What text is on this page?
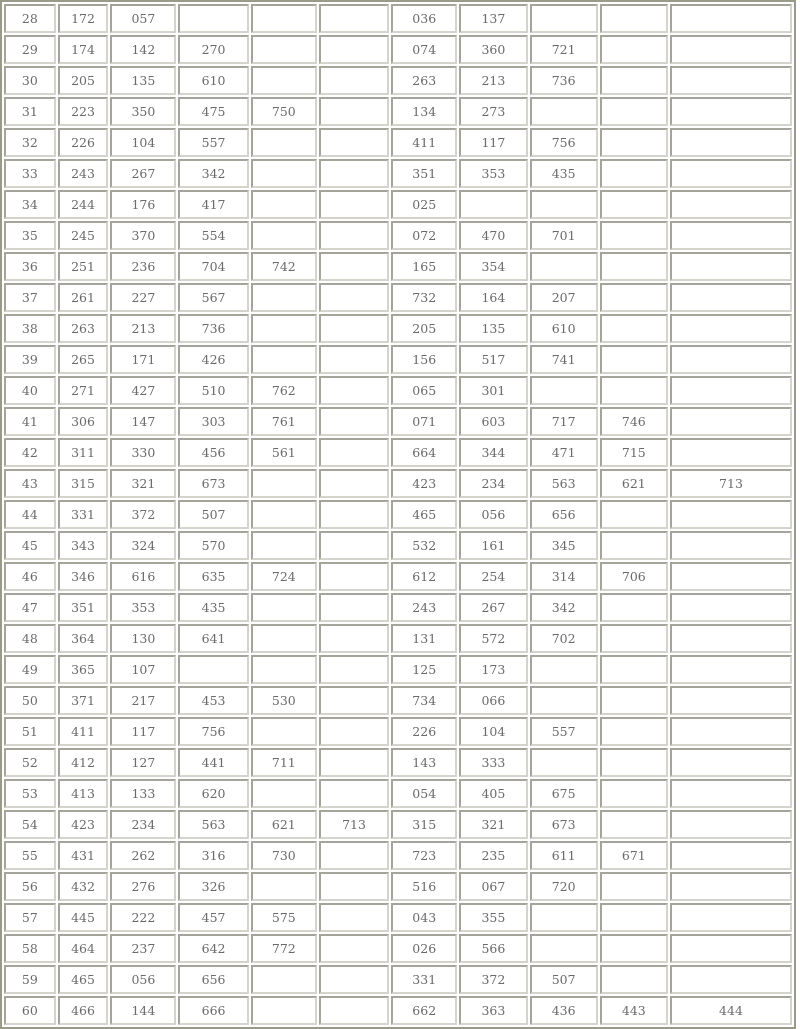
28	172	057				036	137			
29	174	142	270			074	360	721		
30	205	135	610			263	213	736		
31	223	350	475	750		134	273			
32	226	104	557			411	117	756		
33	243	267	342			351	353	435		
34	244	176	417			025				
35	245	370	554			072	470	701		
36	251	236	704	742		165	354			
37	261	227	567			732	164	207		
38	263	213	736			205	135	610		
39	265	171	426			156	517	741		
40	271	427	510	762		065	301			
41	306	147	303	761		071	603	717	746	
42	311	330	456	561		664	344	471	715	
43	315	321	673			423	234	563	621	713
44	331	372	507			465	056	656		
45	343	324	570			532	161	345		
46	346	616	635	724		612	254	314	706	
47	351	353	435			243	267	342		
48	364	130	641			131	572	702		
49	365	107				125	173			
50	371	217	453	530		734	066			
51	411	117	756			226	104	557		
52	412	127	441	711		143	333			
53	413	133	620			054	405	675		
54	423	234	563	621	713	315	321	673		
55	431	262	316	730		723	235	611	671	
56	432	276	326			516	067	720		
57	445	222	457	575		043	355			
58	464	237	642	772		026	566			
59	465	056	656			331	372	507		
60	466	144	666			662	363	436	443	444
